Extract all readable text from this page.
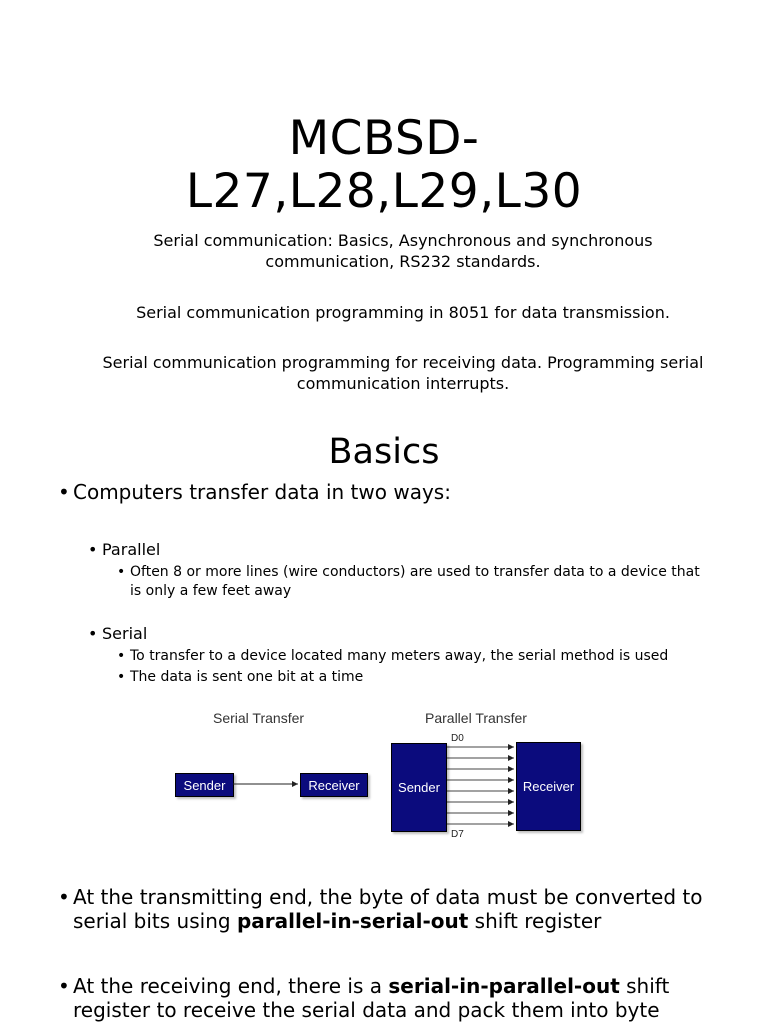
MCBSD-
L27,L28,L29,L30
Serial communication: Basics, Asynchronous and synchronous communication, RS232 standards.
Serial communication programming in 8051 for data transmission.
Serial communication programming for receiving data. Programming serial communication interrupts.
Basics
• Computers transfer data in two ways:
• Parallel
• Often 8 or more lines (wire conductors) are used to transfer data to a device that is only a few feet away
• Serial
• To transfer to a device located many meters away, the serial method is used
• The data is sent one bit at a time
Serial Transfer	Parallel Transfer
Sender	Receiver
D0
D7
Sender	Receiver
• At the transmitting end, the byte of data must be converted to serial bits using parallel-in-serial-out shift register
• At the receiving end, there is a serial-in-parallel-out shift register to receive the serial data and pack them into byte
